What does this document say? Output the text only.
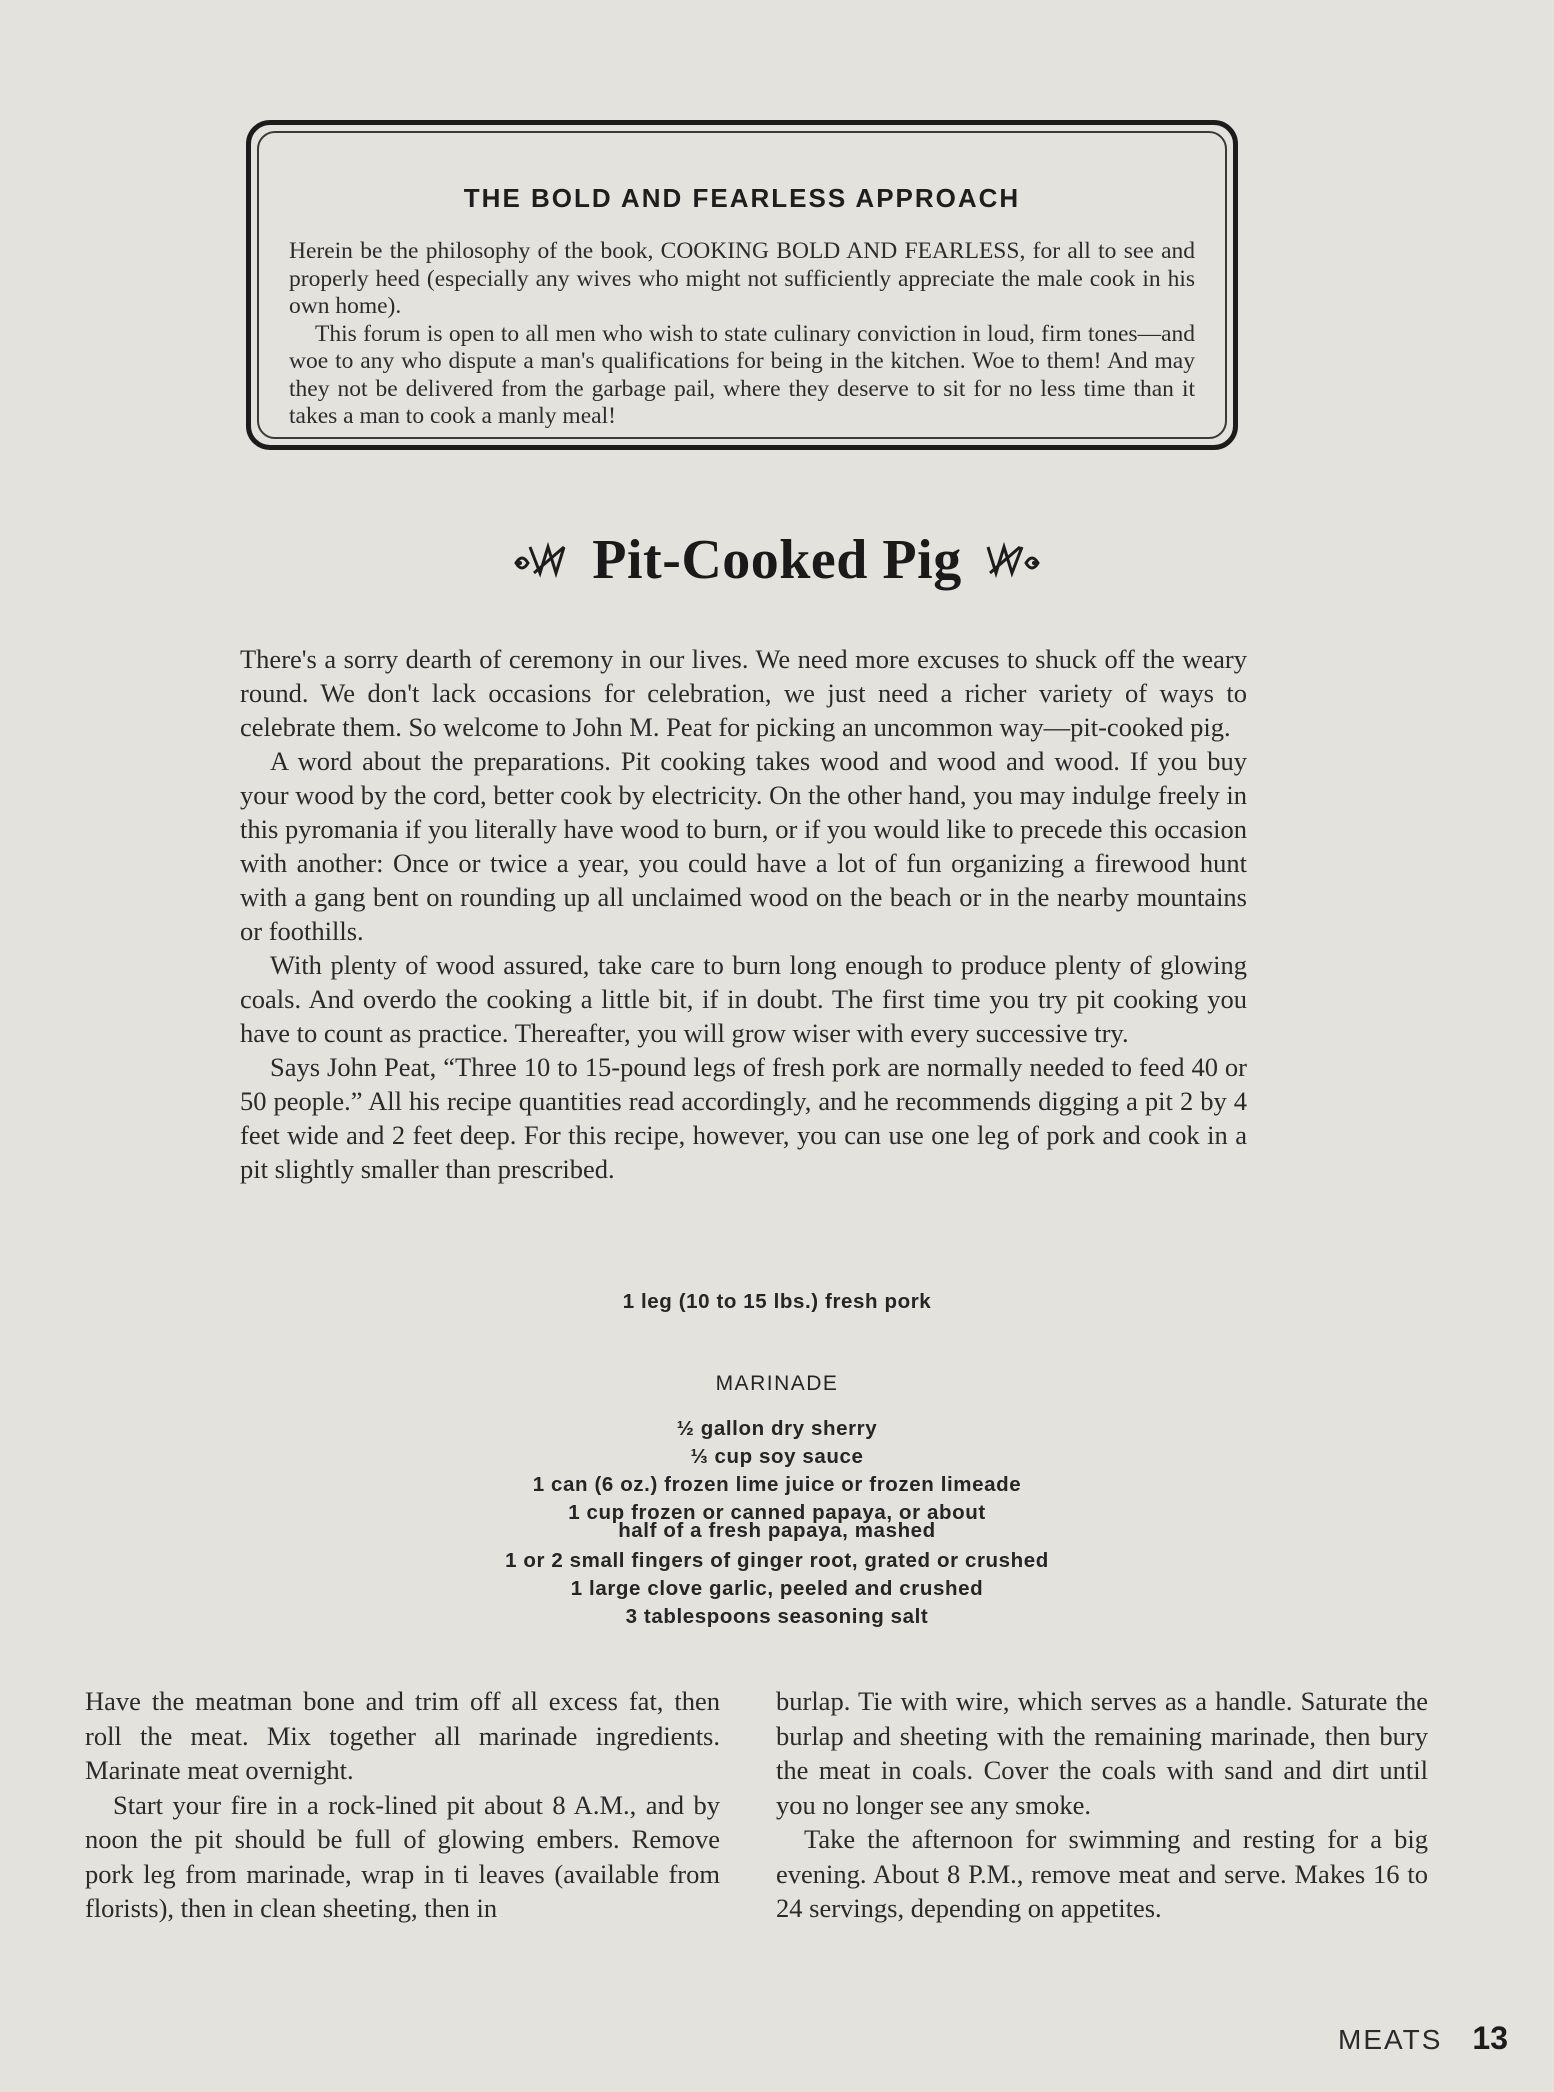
THE BOLD AND FEARLESS APPROACH

Herein be the philosophy of the book, COOKING BOLD AND FEARLESS, for all to see and properly heed (especially any wives who might not sufficiently appreciate the male cook in his own home).

This forum is open to all men who wish to state culinary conviction in loud, firm tones—and woe to any who dispute a man's qualifications for being in the kitchen. Woe to them! And may they not be delivered from the garbage pail, where they deserve to sit for no less time than it takes a man to cook a manly meal!

Pit-Cooked Pig

There's a sorry dearth of ceremony in our lives. We need more excuses to shuck off the weary round. We don't lack occasions for celebration, we just need a richer variety of ways to celebrate them. So welcome to John M. Peat for picking an uncommon way—pit-cooked pig.

A word about the preparations. Pit cooking takes wood and wood and wood. If you buy your wood by the cord, better cook by electricity. On the other hand, you may indulge freely in this pyromania if you literally have wood to burn, or if you would like to precede this occasion with another: Once or twice a year, you could have a lot of fun organizing a firewood hunt with a gang bent on rounding up all unclaimed wood on the beach or in the nearby mountains or foothills.

With plenty of wood assured, take care to burn long enough to produce plenty of glowing coals. And overdo the cooking a little bit, if in doubt. The first time you try pit cooking you have to count as practice. Thereafter, you will grow wiser with every successive try.

Says John Peat, “Three 10 to 15-pound legs of fresh pork are normally needed to feed 40 or 50 people.” All his recipe quantities read accordingly, and he recommends digging a pit 2 by 4 feet wide and 2 feet deep. For this recipe, however, you can use one leg of pork and cook in a pit slightly smaller than prescribed.

1 leg (10 to 15 lbs.) fresh pork
MARINADE
½ gallon dry sherry
⅓ cup soy sauce
1 can (6 oz.) frozen lime juice or frozen limeade
1 cup frozen or canned papaya, or about
half of a fresh papaya, mashed
1 or 2 small fingers of ginger root, grated or crushed
1 large clove garlic, peeled and crushed
3 tablespoons seasoning salt

Have the meatman bone and trim off all excess fat, then roll the meat. Mix together all marinade ingredients. Marinate meat overnight.

Start your fire in a rock-lined pit about 8 A.M., and by noon the pit should be full of glowing embers. Remove pork leg from marinade, wrap in ti leaves (available from florists), then in clean sheeting, then in

burlap. Tie with wire, which serves as a handle. Saturate the burlap and sheeting with the remaining marinade, then bury the meat in coals. Cover the coals with sand and dirt until you no longer see any smoke.

Take the afternoon for swimming and resting for a big evening. About 8 P.M., remove meat and serve. Makes 16 to 24 servings, depending on appetites.

MEATS 13
